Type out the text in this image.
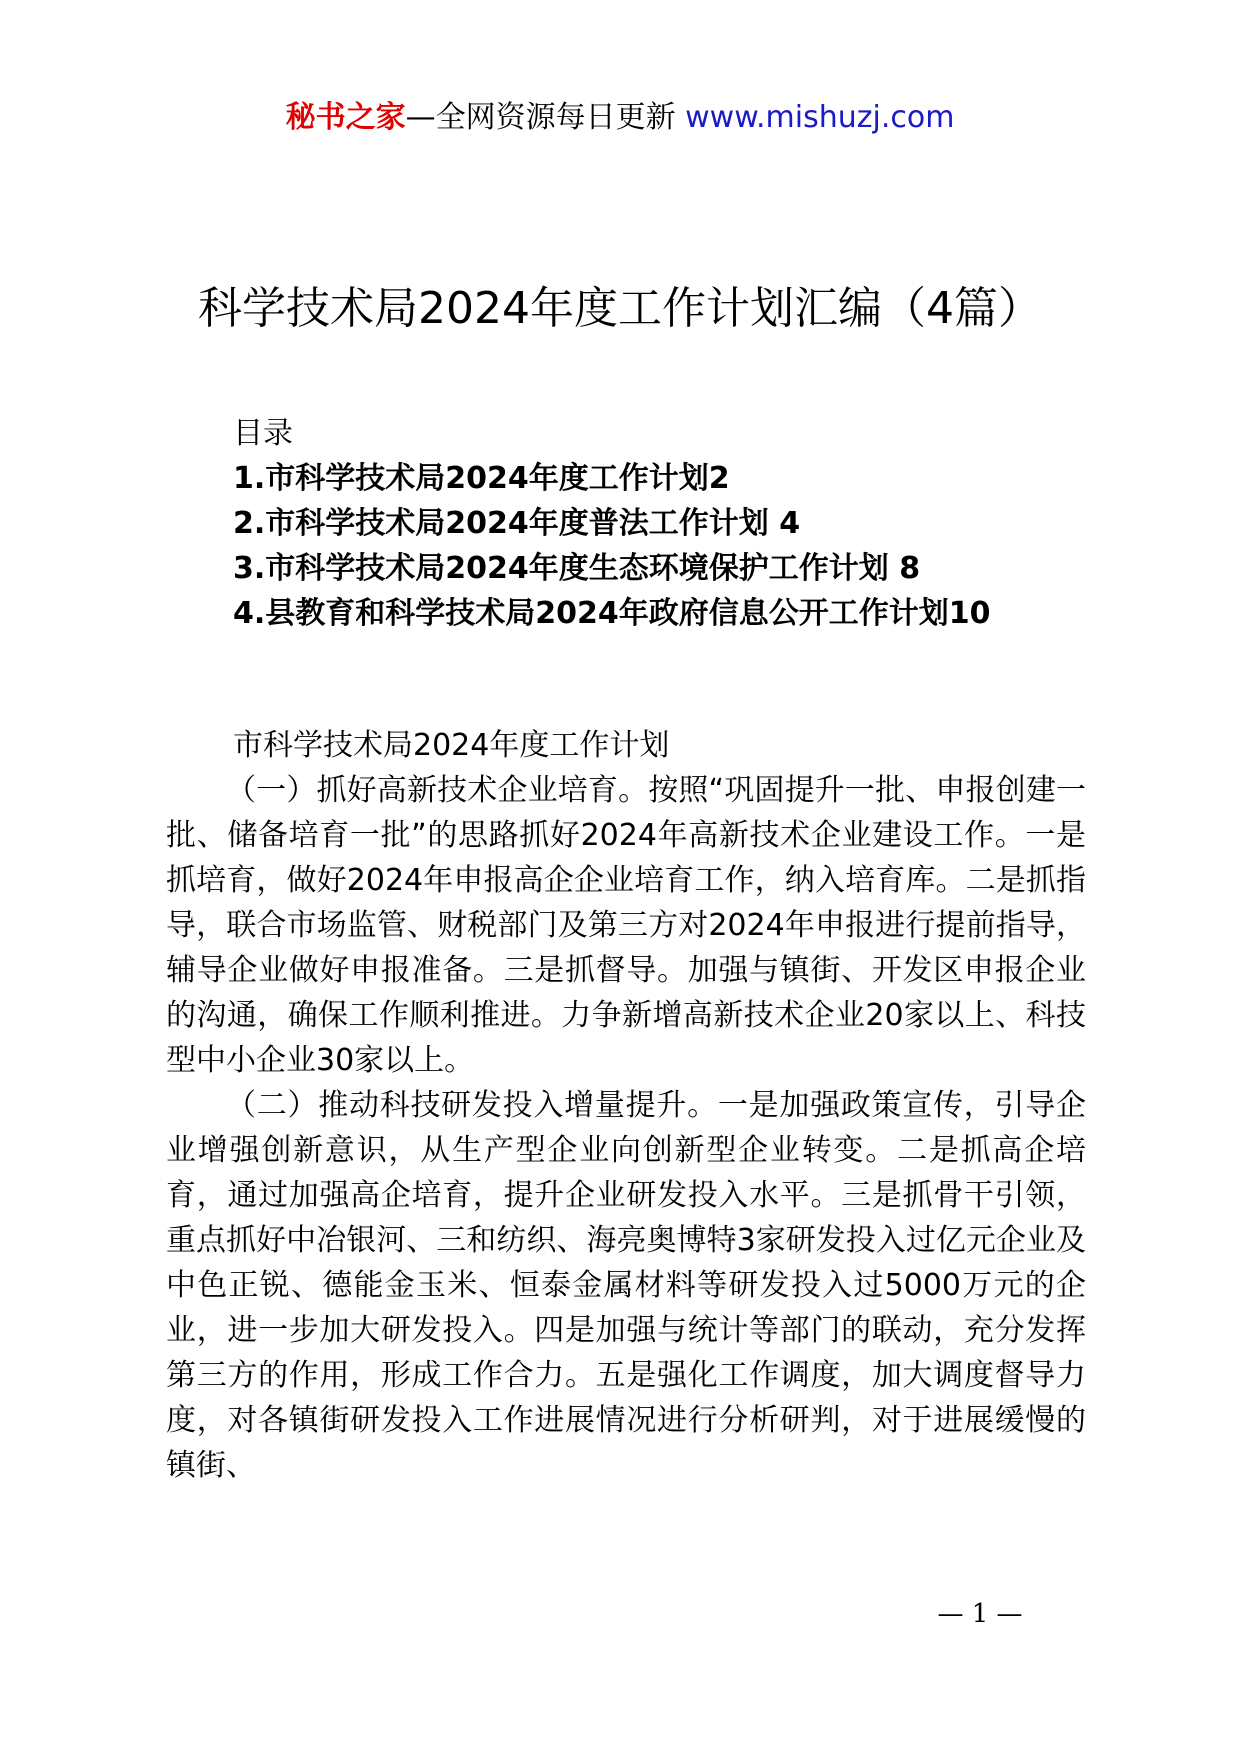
秘书之家—全网资源每日更新 www.mishuzj.com
科学技术局2024年度工作计划汇编（4篇）
目录
1.市科学技术局2024年度工作计划2
2.市科学技术局2024年度普法工作计划 4
3.市科学技术局2024年度生态环境保护工作计划 8
4.县教育和科学技术局2024年政府信息公开工作计划10
市科学技术局2024年度工作计划

（一）抓好高新技术企业培育。按照“巩固提升一批、申报创建一批、储备培育一批”的思路抓好2024年高新技术企业建设工作。一是抓培育，做好2024年申报高企企业培育工作，纳入培育库。二是抓指导，联合市场监管、财税部门及第三方对2024年申报进行提前指导，辅导企业做好申报准备。三是抓督导。加强与镇街、开发区申报企业的沟通，确保工作顺利推进。力争新增高新技术企业20家以上、科技型中小企业30家以上。

（二）推动科技研发投入增量提升。一是加强政策宣传，引导企业增强创新意识，从生产型企业向创新型企业转变。二是抓高企培育，通过加强高企培育，提升企业研发投入水平。三是抓骨干引领，重点抓好中冶银河、三和纺织、海亮奥博特3家研发投入过亿元企业及中色正锐、德能金玉米、恒泰金属材料等研发投入过5000万元的企业，进一步加大研发投入。四是加强与统计等部门的联动，充分发挥第三方的作用，形成工作合力。五是强化工作调度，加大调度督导力度，对各镇街研发投入工作进展情况进行分析研判，对于进展缓慢的镇街、

— 1 —
